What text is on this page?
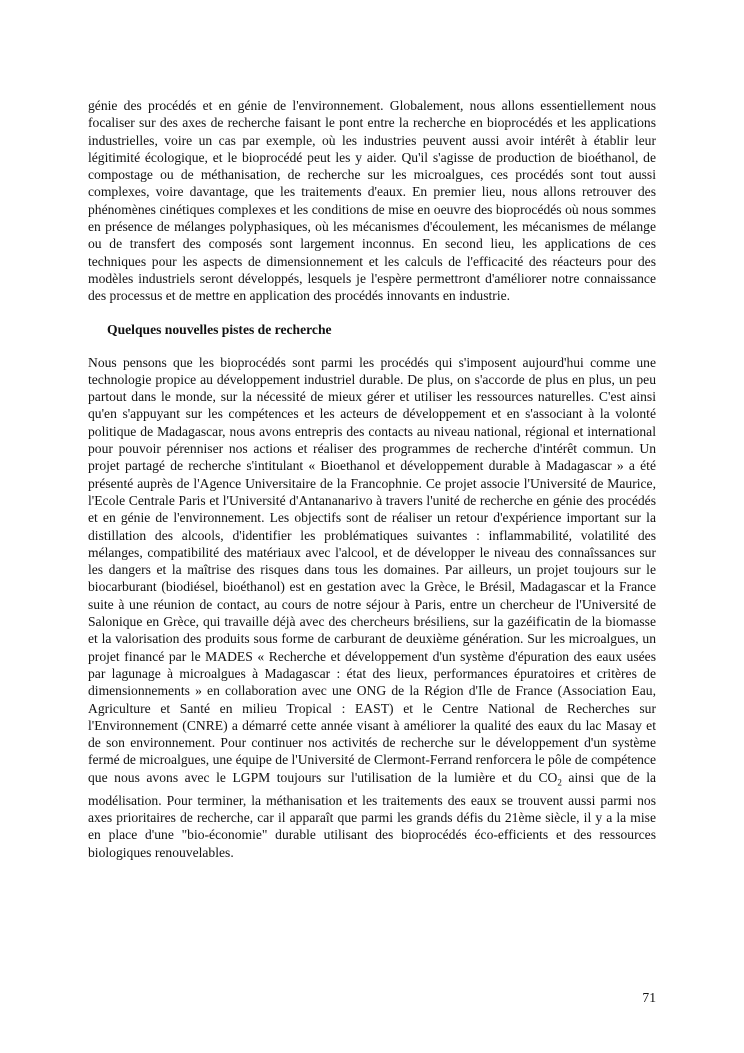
génie des procédés et en génie de l'environnement. Globalement, nous allons essentiellement nous focaliser sur des axes de recherche faisant le pont entre la recherche en bioprocédés et les applications industrielles, voire un cas par exemple, où les industries peuvent aussi avoir intérêt à établir leur légitimité écologique, et le bioprocédé peut les y aider. Qu'il s'agisse de production de bioéthanol, de compostage ou de méthanisation, de recherche sur les microalgues, ces procédés sont tout aussi complexes, voire davantage, que les traitements d'eaux. En premier lieu, nous allons retrouver des phénomènes cinétiques complexes et les conditions de mise en oeuvre des bioprocédés où nous sommes en présence de mélanges polyphasiques, où les mécanismes d'écoulement, les mécanismes de mélange ou de transfert des composés sont largement inconnus. En second lieu, les applications de ces techniques pour les aspects de dimensionnement et les calculs de l'efficacité des réacteurs pour des modèles industriels seront développés, lesquels je l'espère permettront d'améliorer notre connaissance des processus et de mettre en application des procédés innovants en industrie.

Quelques nouvelles pistes de recherche

Nous pensons que les bioprocédés sont parmi les procédés qui s'imposent aujourd'hui comme une technologie propice au développement industriel durable. De plus, on s'accorde de plus en plus, un peu partout dans le monde, sur la nécessité de mieux gérer et utiliser les ressources naturelles. C'est ainsi qu'en s'appuyant sur les compétences et les acteurs de développement et en s'associant à la volonté politique de Madagascar, nous avons entrepris des contacts au niveau national, régional et international pour pouvoir pérenniser nos actions et réaliser des programmes de recherche d'intérêt commun. Un projet partagé de recherche s'intitulant « Bioethanol et développement durable à Madagascar » a été présenté auprès de l'Agence Universitaire de la Francophnie. Ce projet associe l'Université de Maurice, l'Ecole Centrale Paris et l'Université d'Antananarivo à travers l'unité de recherche en génie des procédés et en génie de l'environnement. Les objectifs sont de réaliser un retour d'expérience important sur la distillation des alcools, d'identifier les problématiques suivantes : inflammabilité, volatilité des mélanges, compatibilité des matériaux avec l'alcool, et de développer le niveau des connaîssances sur les dangers et la maîtrise des risques dans tous les domaines. Par ailleurs, un projet toujours sur le biocarburant (biodiésel, bioéthanol) est en gestation avec la Grèce, le Brésil, Madagascar et la France suite à une réunion de contact, au cours de notre séjour à Paris, entre un chercheur de l'Université de Salonique en Grèce, qui travaille déjà avec des chercheurs brésiliens, sur la gazéificatin de la biomasse et la valorisation des produits sous forme de carburant de deuxième génération. Sur les microalgues, un projet financé par le MADES « Recherche et développement d'un système d'épuration des eaux usées par lagunage à microalgues à Madagascar : état des lieux, performances épuratoires et critères de dimensionnements » en collaboration avec une ONG de la Région d'Ile de France (Association Eau, Agriculture et Santé en milieu Tropical : EAST) et le Centre National de Recherches sur l'Environnement (CNRE) a démarré cette année visant à améliorer la qualité des eaux du lac Masay et de son environnement. Pour continuer nos activités de recherche sur le développement d'un système fermé de microalgues, une équipe de l'Université de Clermont-Ferrand renforcera le pôle de compétence que nous avons avec le LGPM toujours sur l'utilisation de la lumière et du $CO_2$ ainsi que de la modélisation. Pour terminer, la méthanisation et les traitements des eaux se trouvent aussi parmi nos axes prioritaires de recherche, car il apparaît que parmi les grands défis du 21ème siècle, il y a la mise en place d'une "bio-économie" durable utilisant des bioprocédés éco-efficients et des ressources biologiques renouvelables.

71
